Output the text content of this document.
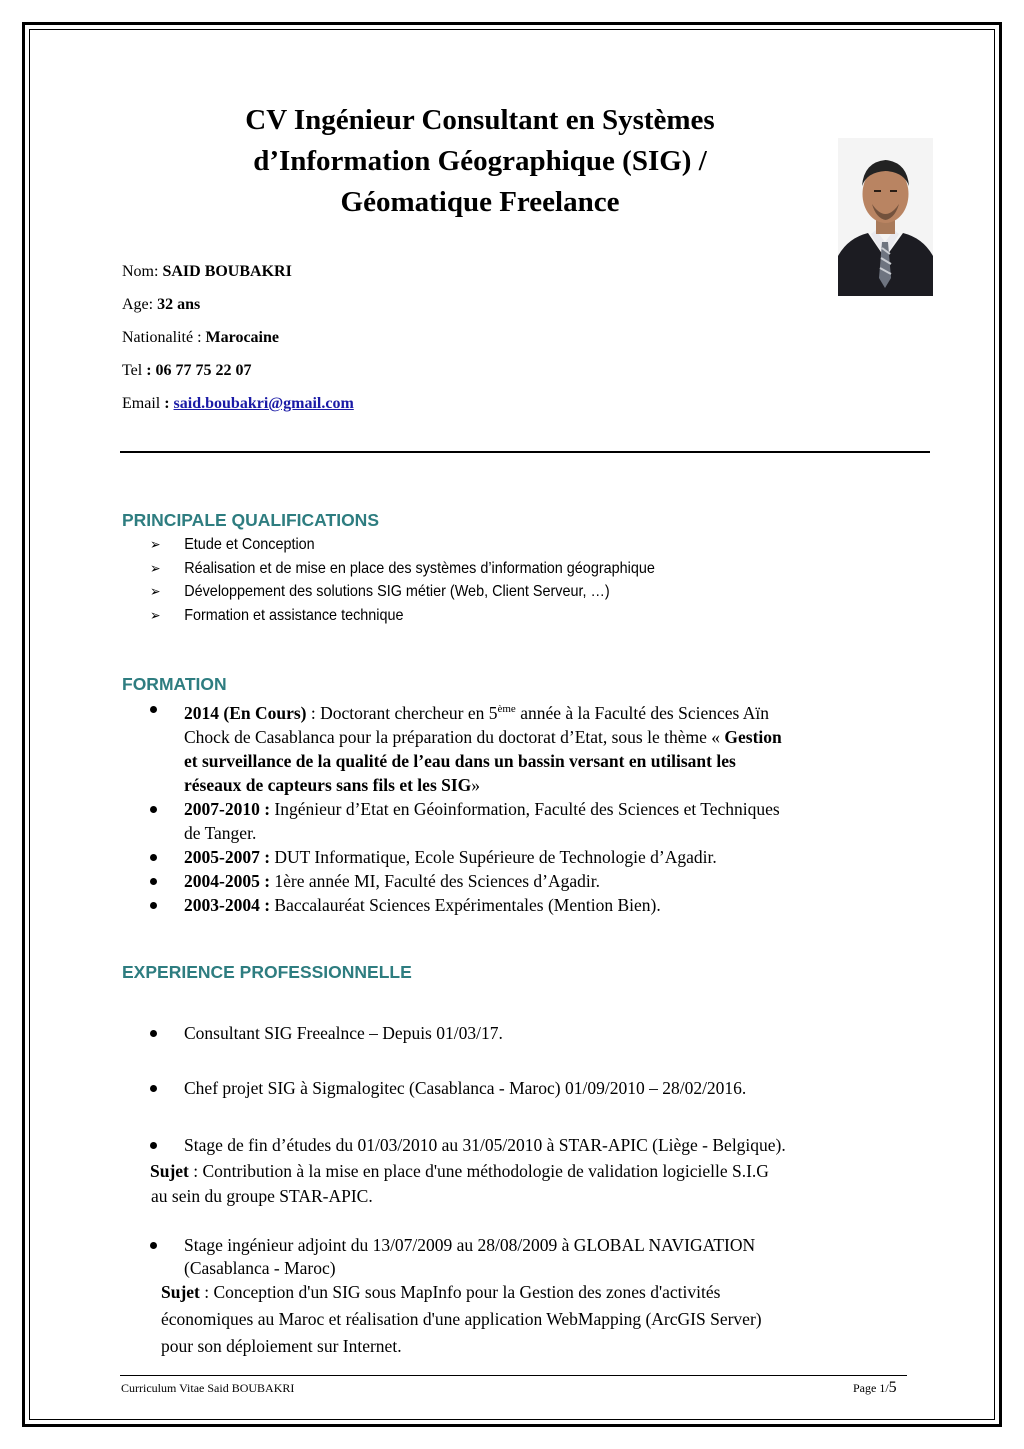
CV Ingénieur Consultant en Systèmes
d’Information Géographique (SIG) /
Géomatique Freelance
Nom: SAID BOUBAKRI
Age: 32 ans
Nationalité : Marocaine
Tel : 06 77 75 22 07
Email : said.boubakri@gmail.com
PRINCIPALE QUALIFICATIONS
➢ Etude et Conception
➢ Réalisation et de mise en place des systèmes d’information géographique
➢ Développement des solutions SIG métier (Web, Client Serveur, …)
➢ Formation et assistance technique
FORMATION
2014 (En Cours) : Doctorant chercheur en 5ème année à la Faculté des Sciences Aïn
Chock de Casablanca pour la préparation du doctorat d’Etat, sous le thème « Gestion
et surveillance de la qualité de l’eau dans un bassin versant en utilisant les
réseaux de capteurs sans fils et les SIG»
2007-2010 : Ingénieur d’Etat en Géoinformation, Faculté des Sciences et Techniques
de Tanger.
2005-2007 : DUT Informatique, Ecole Supérieure de Technologie d’Agadir.
2004-2005 : 1ère année MI, Faculté des Sciences d’Agadir.
2003-2004 : Baccalauréat Sciences Expérimentales (Mention Bien).
EXPERIENCE PROFESSIONNELLE
Consultant SIG Freealnce – Depuis 01/03/17.
Chef projet SIG à Sigmalogitec (Casablanca - Maroc) 01/09/2010 – 28/02/2016.
Stage de fin d’études du 01/03/2010 au 31/05/2010 à STAR-APIC (Liège - Belgique).
Sujet : Contribution à la mise en place d'une méthodologie de validation logicielle S.I.G
au sein du groupe STAR-APIC.
Stage ingénieur adjoint du 13/07/2009 au 28/08/2009 à GLOBAL NAVIGATION
(Casablanca - Maroc)
Sujet : Conception d'un SIG sous MapInfo pour la Gestion des zones d'activités
économiques au Maroc et réalisation d'une application WebMapping (ArcGIS Server)
pour son déploiement sur Internet.
Curriculum Vitae Said BOUBAKRI	Page 1/5
